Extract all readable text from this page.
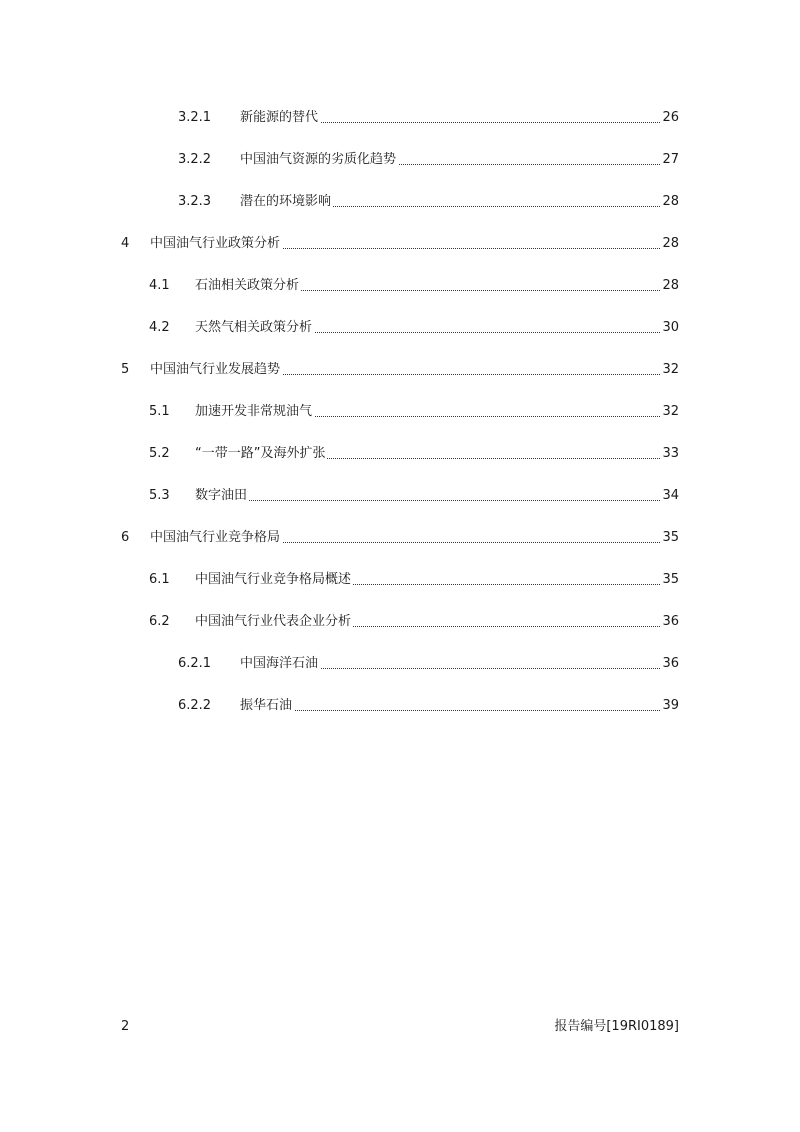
3.2.1 新能源的替代	26
3.2.2 中国油气资源的劣质化趋势	27
3.2.3 潜在的环境影响	28
4 中国油气行业政策分析	28
4.1 石油相关政策分析	28
4.2 天然气相关政策分析	30
5 中国油气行业发展趋势	32
5.1 加速开发非常规油气	32
5.2 “一带一路”及海外扩张	33
5.3 数字油田	34
6 中国油气行业竞争格局	35
6.1 中国油气行业竞争格局概述	35
6.2 中国油气行业代表企业分析	36
6.2.1 中国海洋石油	36
6.2.2 振华石油	39
2	报告编号[19RI0189]
